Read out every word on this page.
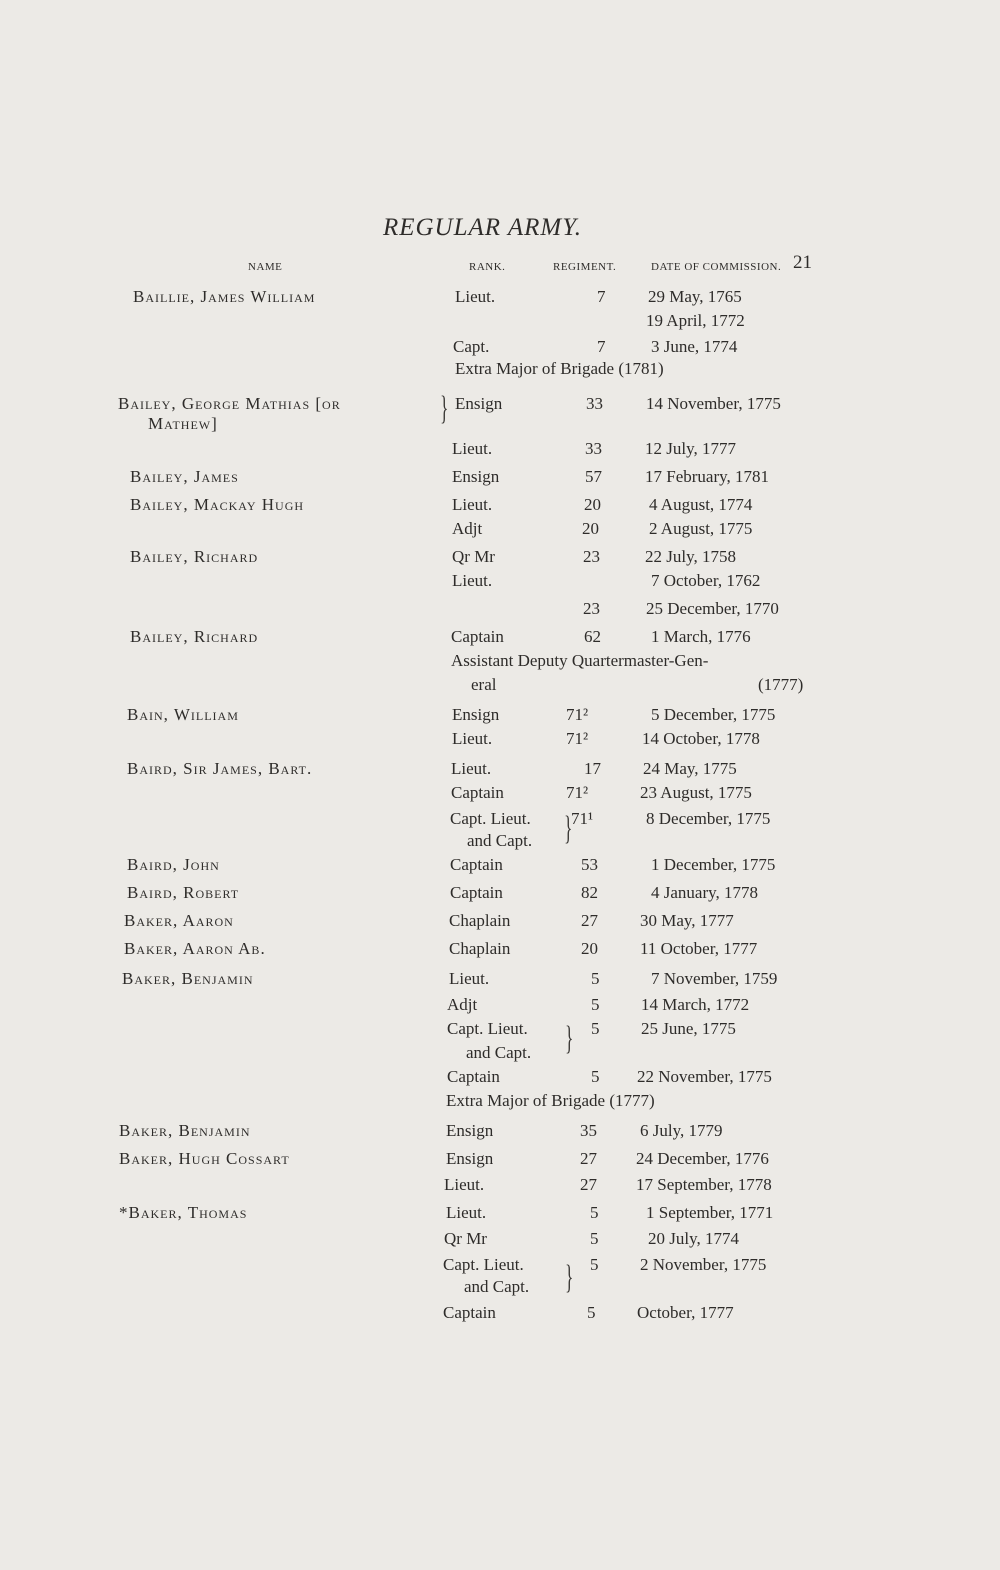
REGULAR ARMY.
21
NAME	RANK.	REGIMENT.	DATE OF COMMISSION.
Baillie, James William	Lieut.	7	29 May, 1765
19 April, 1772
Capt.	7	3 June, 1774
Extra Major of Brigade (1781)
Bailey, George Mathias [or	Ensign	33	14 November, 1775
Mathew]
Lieut.	33	12 July, 1777
Bailey, James	Ensign	57	17 February, 1781
Bailey, Mackay Hugh	Lieut.	20	4 August, 1774
Adjt	20	2 August, 1775
Bailey, Richard	Qr Mr	23	22 July, 1758
Lieut.	7 October, 1762
23	25 December, 1770
Bailey, Richard	Captain	62	1 March, 1776
Assistant Deputy Quartermaster-Gen-
eral	(1777)
Bain, William	Ensign	71²	5 December, 1775
Lieut.	71²	14 October, 1778
Baird, Sir James, Bart.	Lieut.	17 24 May, 1775
Captain	71²	23 August, 1775
Capt. Lieut. 71¹	8 December, 1775
and Capt.
Baird, John	Captain	53	1 December, 1775
Baird, Robert	Captain	82	4 January, 1778
Baker, Aaron	Chaplain	27 30 May, 1777
Baker, Aaron Ab.	Chaplain	20 11 October, 1777
Baker, Benjamin	Lieut.	5	7 November, 1759
Adjt	5 14 March, 1772
Capt. Lieut.	5 25 June, 1775
and Capt.
Captain	5 22 November, 1775
Extra Major of Brigade (1777)
Baker, Benjamin	Ensign	35	6 July, 1779
Baker, Hugh Cossart	Ensign	27 24 December, 1776
Lieut.	27 17 September, 1778
*Baker, Thomas	Lieut.	5	1 September, 1771
Qr Mr	5	20 July, 1774
Capt. Lieut.	5 2 November, 1775
and Capt.
Captain	5 October, 1777
}
}
}
}
